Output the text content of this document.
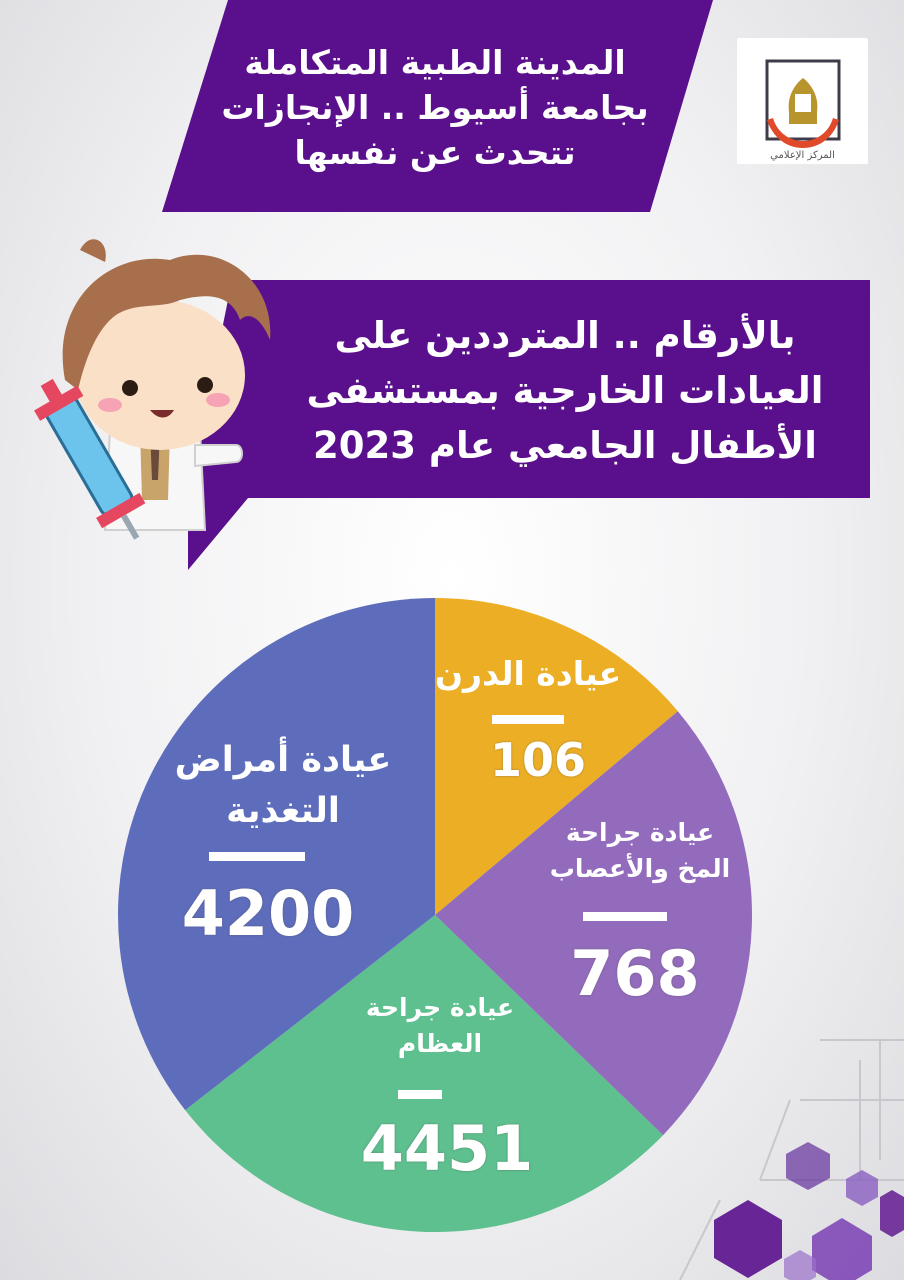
المدينة الطبية المتكاملة
بجامعة أسيوط .. الإنجازات
تتحدث عن نفسها	المركز الإعلامي
بالأرقام .. المترددين على
العيادات الخارجية بمستشفى
الأطفال الجامعي عام 2023
عيادة الدرن
106
عيادة جراحة
المخ والأعصاب
768
عيادة جراحة
العظام
4451
عيادة أمراض
التغذية
4200
